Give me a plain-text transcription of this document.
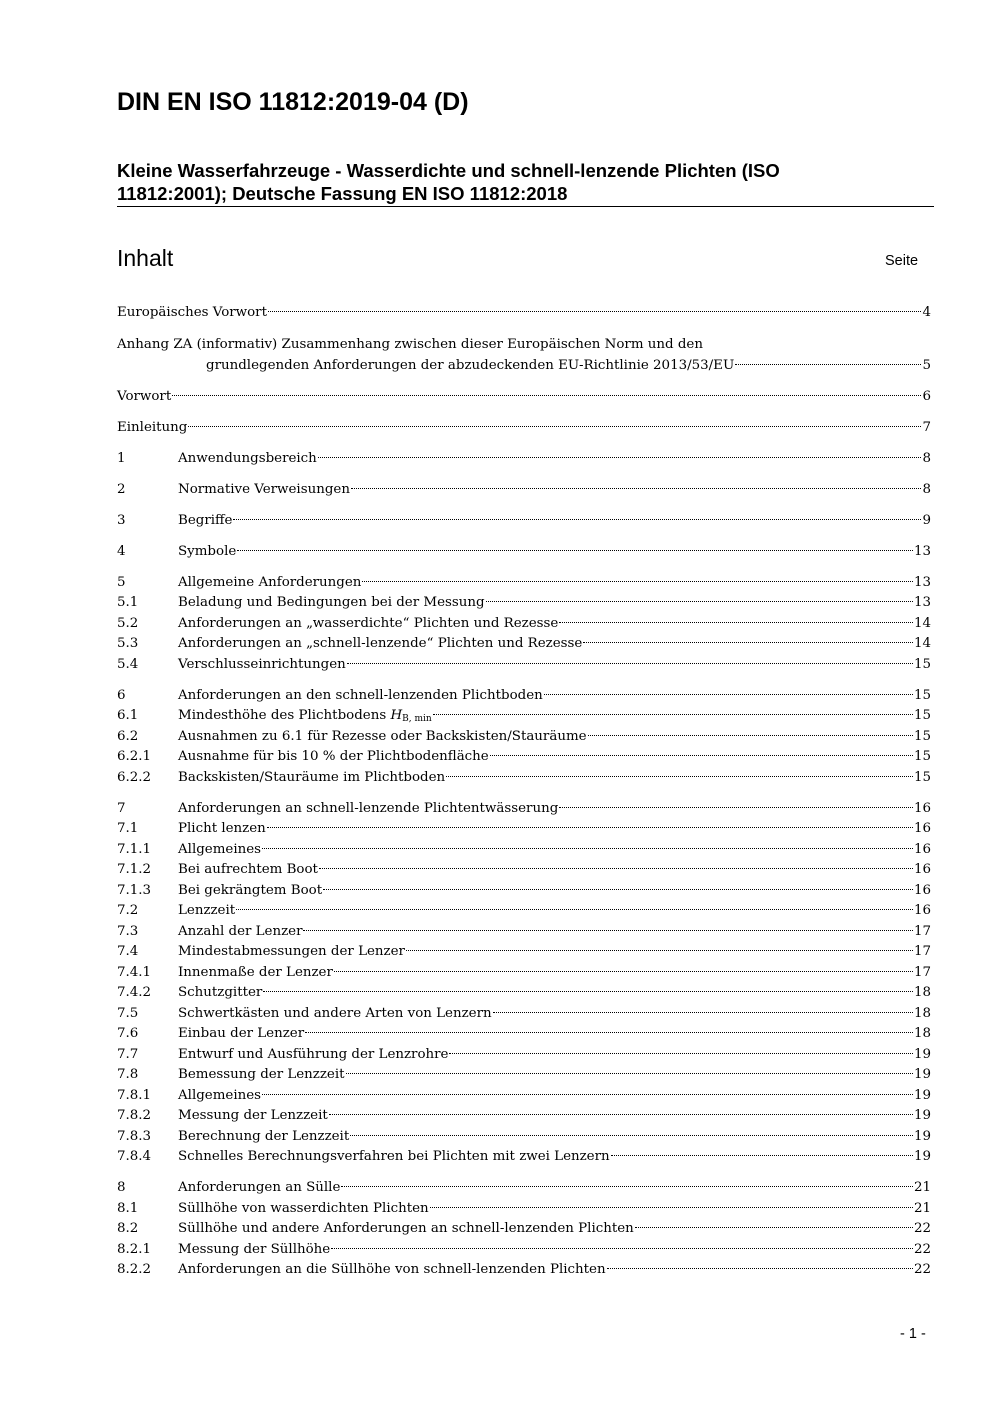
DIN EN ISO 11812:2019-04 (D)

Kleine Wasserfahrzeuge - Wasserdichte und schnell-lenzende Plichten (ISO 11812:2001); Deutsche Fassung EN ISO 11812:2018

Inhalt	Seite
Europäisches Vorwort	4
Anhang ZA (informativ) Zusammenhang zwischen dieser Europäischen Norm und den
grundlegenden Anforderungen der abzudeckenden EU-Richtlinie 2013/53/EU	5
Vorwort	6
Einleitung	7
1	Anwendungsbereich	8
2	Normative Verweisungen	8
3	Begriffe	9
4	Symbole	13
5	Allgemeine Anforderungen	13
5.1	Beladung und Bedingungen bei der Messung	13
5.2	Anforderungen an „wasserdichte“ Plichten und Rezesse	14
5.3	Anforderungen an „schnell-lenzende“ Plichten und Rezesse	14
5.4	Verschlusseinrichtungen	15
6	Anforderungen an den schnell-lenzenden Plichtboden	15
6.1	Mindesthöhe des Plichtbodens $H_{B, min}$	15
6.2	Ausnahmen zu 6.1 für Rezesse oder Backskisten/Stauräume	15
6.2.1	Ausnahme für bis 10 % der Plichtbodenfläche	15
6.2.2	Backskisten/Stauräume im Plichtboden	15
7	Anforderungen an schnell-lenzende Plichtentwässerung	16
7.1	Plicht lenzen	16
7.1.1	Allgemeines	16
7.1.2	Bei aufrechtem Boot	16
7.1.3	Bei gekrängtem Boot	16
7.2	Lenzzeit	16
7.3	Anzahl der Lenzer	17
7.4	Mindestabmessungen der Lenzer	17
7.4.1	Innenmaße der Lenzer	17
7.4.2	Schutzgitter	18
7.5	Schwertkästen und andere Arten von Lenzern	18
7.6	Einbau der Lenzer	18
7.7	Entwurf und Ausführung der Lenzrohre	19
7.8	Bemessung der Lenzzeit	19
7.8.1	Allgemeines	19
7.8.2	Messung der Lenzzeit	19
7.8.3	Berechnung der Lenzzeit	19
7.8.4	Schnelles Berechnungsverfahren bei Plichten mit zwei Lenzern	19
8	Anforderungen an Sülle	21
8.1	Süllhöhe von wasserdichten Plichten	21
8.2	Süllhöhe und andere Anforderungen an schnell-lenzenden Plichten	22
8.2.1	Messung der Süllhöhe	22
8.2.2	Anforderungen an die Süllhöhe von schnell-lenzenden Plichten	22
- 1 -
